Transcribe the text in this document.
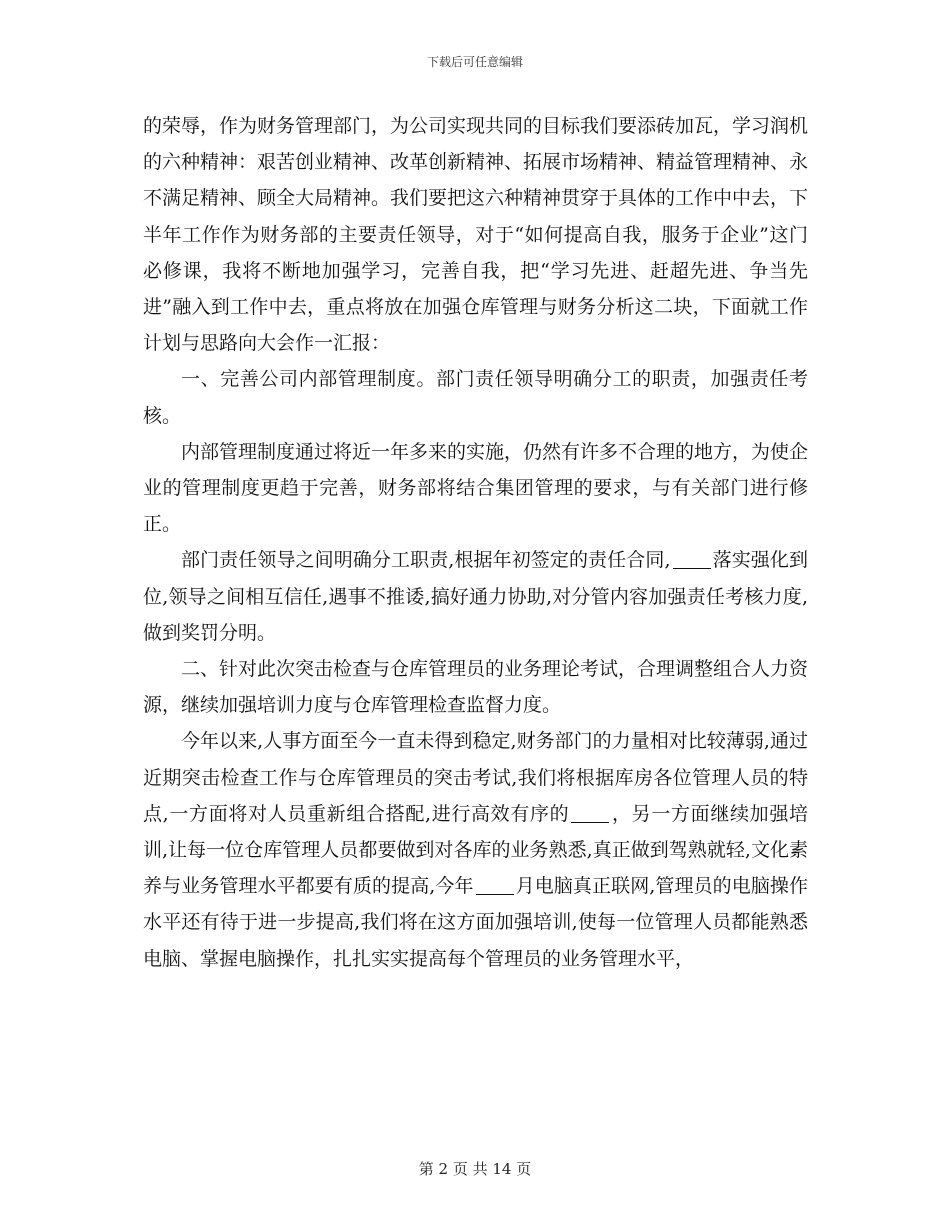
下载后可任意编辑

的荣辱，作为财务管理部门，为公司实现共同的目标我们要添砖加瓦，学习润机的六种精神：艰苦创业精神、改革创新精神、拓展市场精神、精益管理精神、永不满足精神、顾全大局精神。我们要把这六种精神贯穿于具体的工作中中去，下半年工作作为财务部的主要责任领导，对于“如何提高自我，服务于企业”这门必修课，我将不断地加强学习，完善自我，把“学习先进、赶超先进、争当先进”融入到工作中去，重点将放在加强仓库管理与财务分析这二块，下面就工作计划与思路向大会作一汇报：

一、完善公司内部管理制度。部门责任领导明确分工的职责，加强责任考核。

内部管理制度通过将近一年多来的实施，仍然有许多不合理的地方，为使企业的管理制度更趋于完善，财务部将结合集团管理的要求，与有关部门进行修正。

部门责任领导之间明确分工职责,根据年初签定的责任合同, 落实强化到位,领导之间相互信任,遇事不推诿,搞好通力协助,对分管内容加强责任考核力度,做到奖罚分明。

二、针对此次突击检查与仓库管理员的业务理论考试，合理调整组合人力资源，继续加强培训力度与仓库管理检查监督力度。

今年以来,人事方面至今一直未得到稳定,财务部门的力量相对比较薄弱,通过近期突击检查工作与仓库管理员的突击考试,我们将根据库房各位管理人员的特点,一方面将对人员重新组合搭配,进行高效有序的 ，另一方面继续加强培训,让每一位仓库管理人员都要做到对各库的业务熟悉,真正做到驾熟就轻,文化素养与业务管理水平都要有质的提高,今年 月电脑真正联网,管理员的电脑操作水平还有待于进一步提高,我们将在这方面加强培训,使每一位管理人员都能熟悉电脑、掌握电脑操作，扎扎实实提高每个管理员的业务管理水平，

第 2 页 共 14 页
